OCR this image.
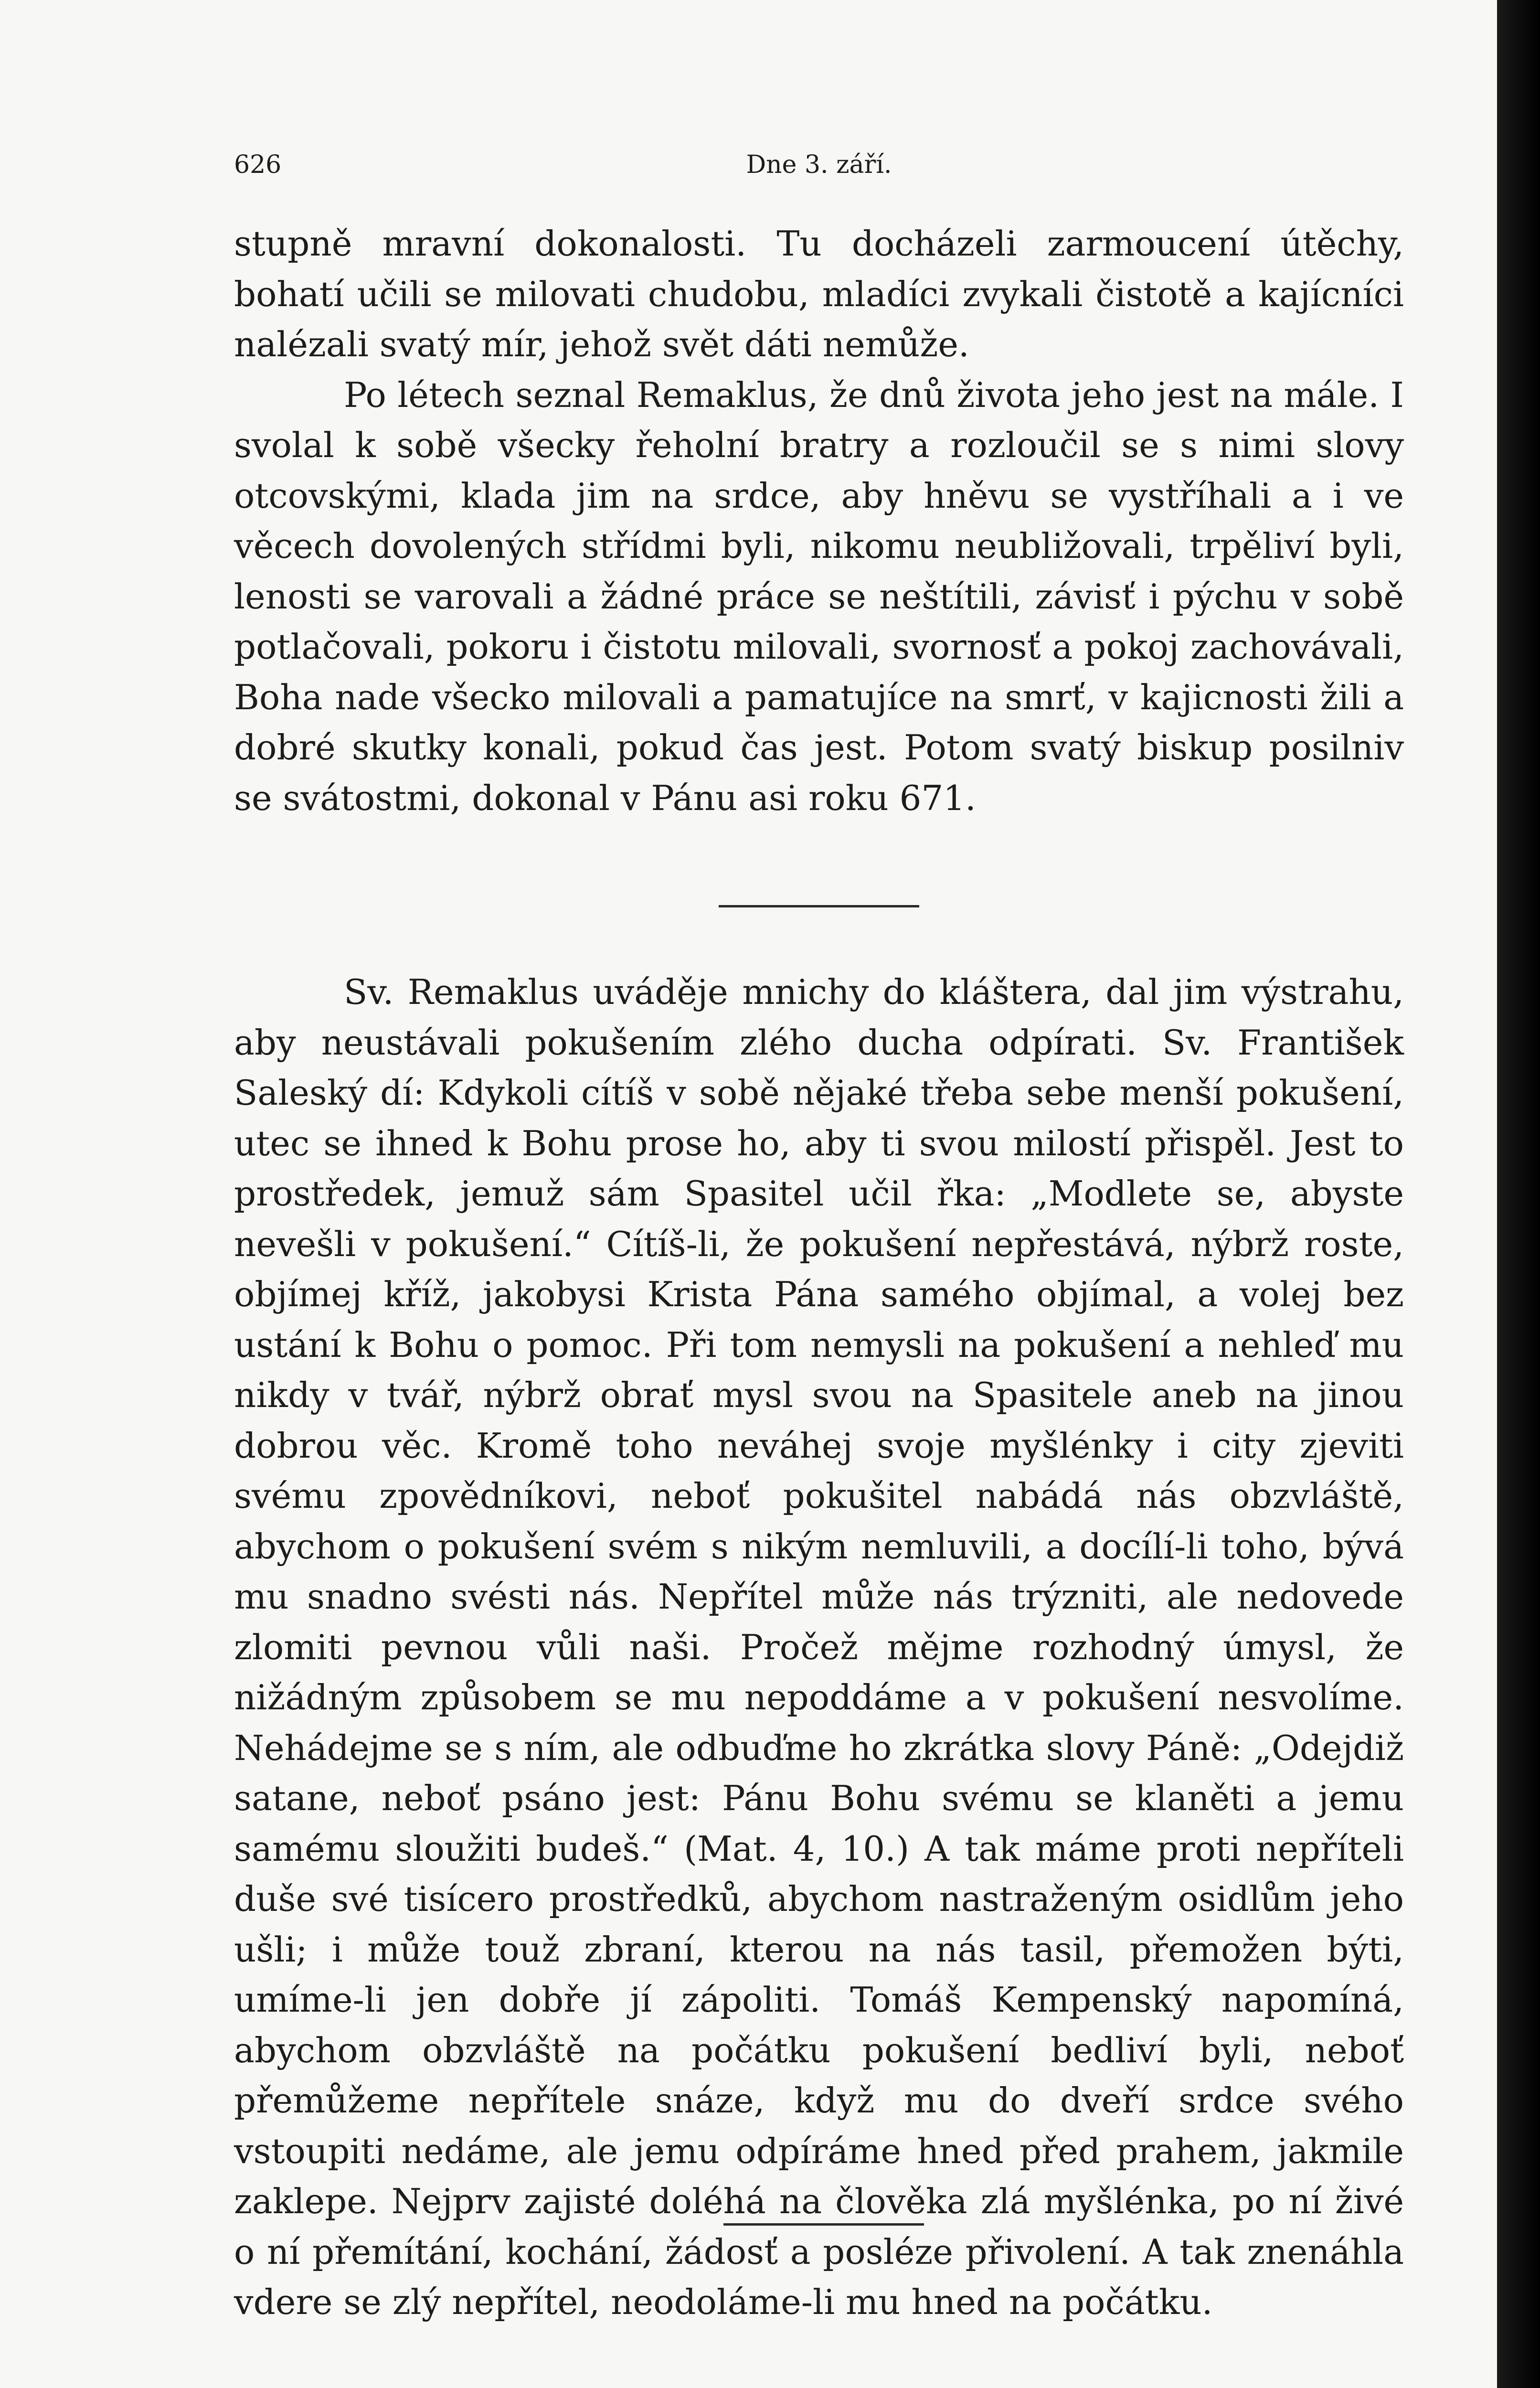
626	Dne 3. září.

stupně mravní dokonalosti. Tu docházeli zarmoucení útěchy, bohatí učili se milovati chudobu, mladíci zvykali čistotě a kajícníci nalézali svatý mír, jehož svět dáti nemůže.

Po létech seznal Remaklus, že dnů života jeho jest na mále. I svolal k sobě všecky řeholní bratry a rozloučil se s nimi slovy otcovskými, klada jim na srdce, aby hněvu se vystříhali a i ve věcech dovolených střídmi byli, nikomu neubližovali, trpěliví byli, lenosti se varovali a žádné práce se neštítili, závisť i pýchu v sobě potlačovali, pokoru i čistotu milovali, svornosť a pokoj zachovávali, Boha nade všecko milovali a pamatujíce na smrť, v kajicnosti žili a dobré skutky konali, pokud čas jest. Potom svatý biskup posilniv se svátostmi, dokonal v Pánu asi roku 671.

Sv. Remaklus uváděje mnichy do kláštera, dal jim výstrahu, aby neustávali pokušením zlého ducha odpírati. Sv. František Saleský dí: Kdykoli cítíš v sobě nějaké třeba sebe menší pokušení, utec se ihned k Bohu prose ho, aby ti svou milostí přispěl. Jest to prostředek, jemuž sám Spasitel učil řka: „Modlete se, abyste nevešli v pokušení.“ Cítíš-li, že pokušení nepřestává, nýbrž roste, objímej kříž, jakobysi Krista Pána samého objímal, a volej bez ustání k Bohu o pomoc. Při tom nemysli na pokušení a nehleď mu nikdy v tvář, nýbrž obrať mysl svou na Spasitele aneb na jinou dobrou věc. Kromě toho neváhej svoje myšlénky i city zjeviti svému zpovědníkovi, neboť pokušitel nabádá nás obzvláště, abychom o pokušení svém s nikým nemluvili, a docílí-li toho, bývá mu snadno svésti nás. Nepřítel může nás trýzniti, ale nedovede zlomiti pevnou vůli naši. Pročež mějme rozhodný úmysl, že nižádným způsobem se mu nepoddáme a v pokušení nesvolíme. Nehádejme se s ním, ale odbuďme ho zkrátka slovy Páně: „Odejdiž satane, neboť psáno jest: Pánu Bohu svému se klaněti a jemu samému sloužiti budeš.“ (Mat. 4, 10.) A tak máme proti nepříteli duše své tisícero prostředků, abychom nastraženým osidlům jeho ušli; i může touž zbraní, kterou na nás tasil, přemožen býti, umíme-li jen dobře jí zápoliti. Tomáš Kempenský napomíná, abychom obzvláště na počátku pokušení bedliví byli, neboť přemůžeme nepřítele snáze, když mu do dveří srdce svého vstoupiti nedáme, ale jemu odpíráme hned před prahem, jakmile zaklepe. Nejprv zajisté doléhá na člověka zlá myšlénka, po ní živé o ní přemítání, kochání, žádosť a posléze přivolení. A tak znenáhla vdere se zlý nepřítel, neodoláme-li mu hned na počátku.
